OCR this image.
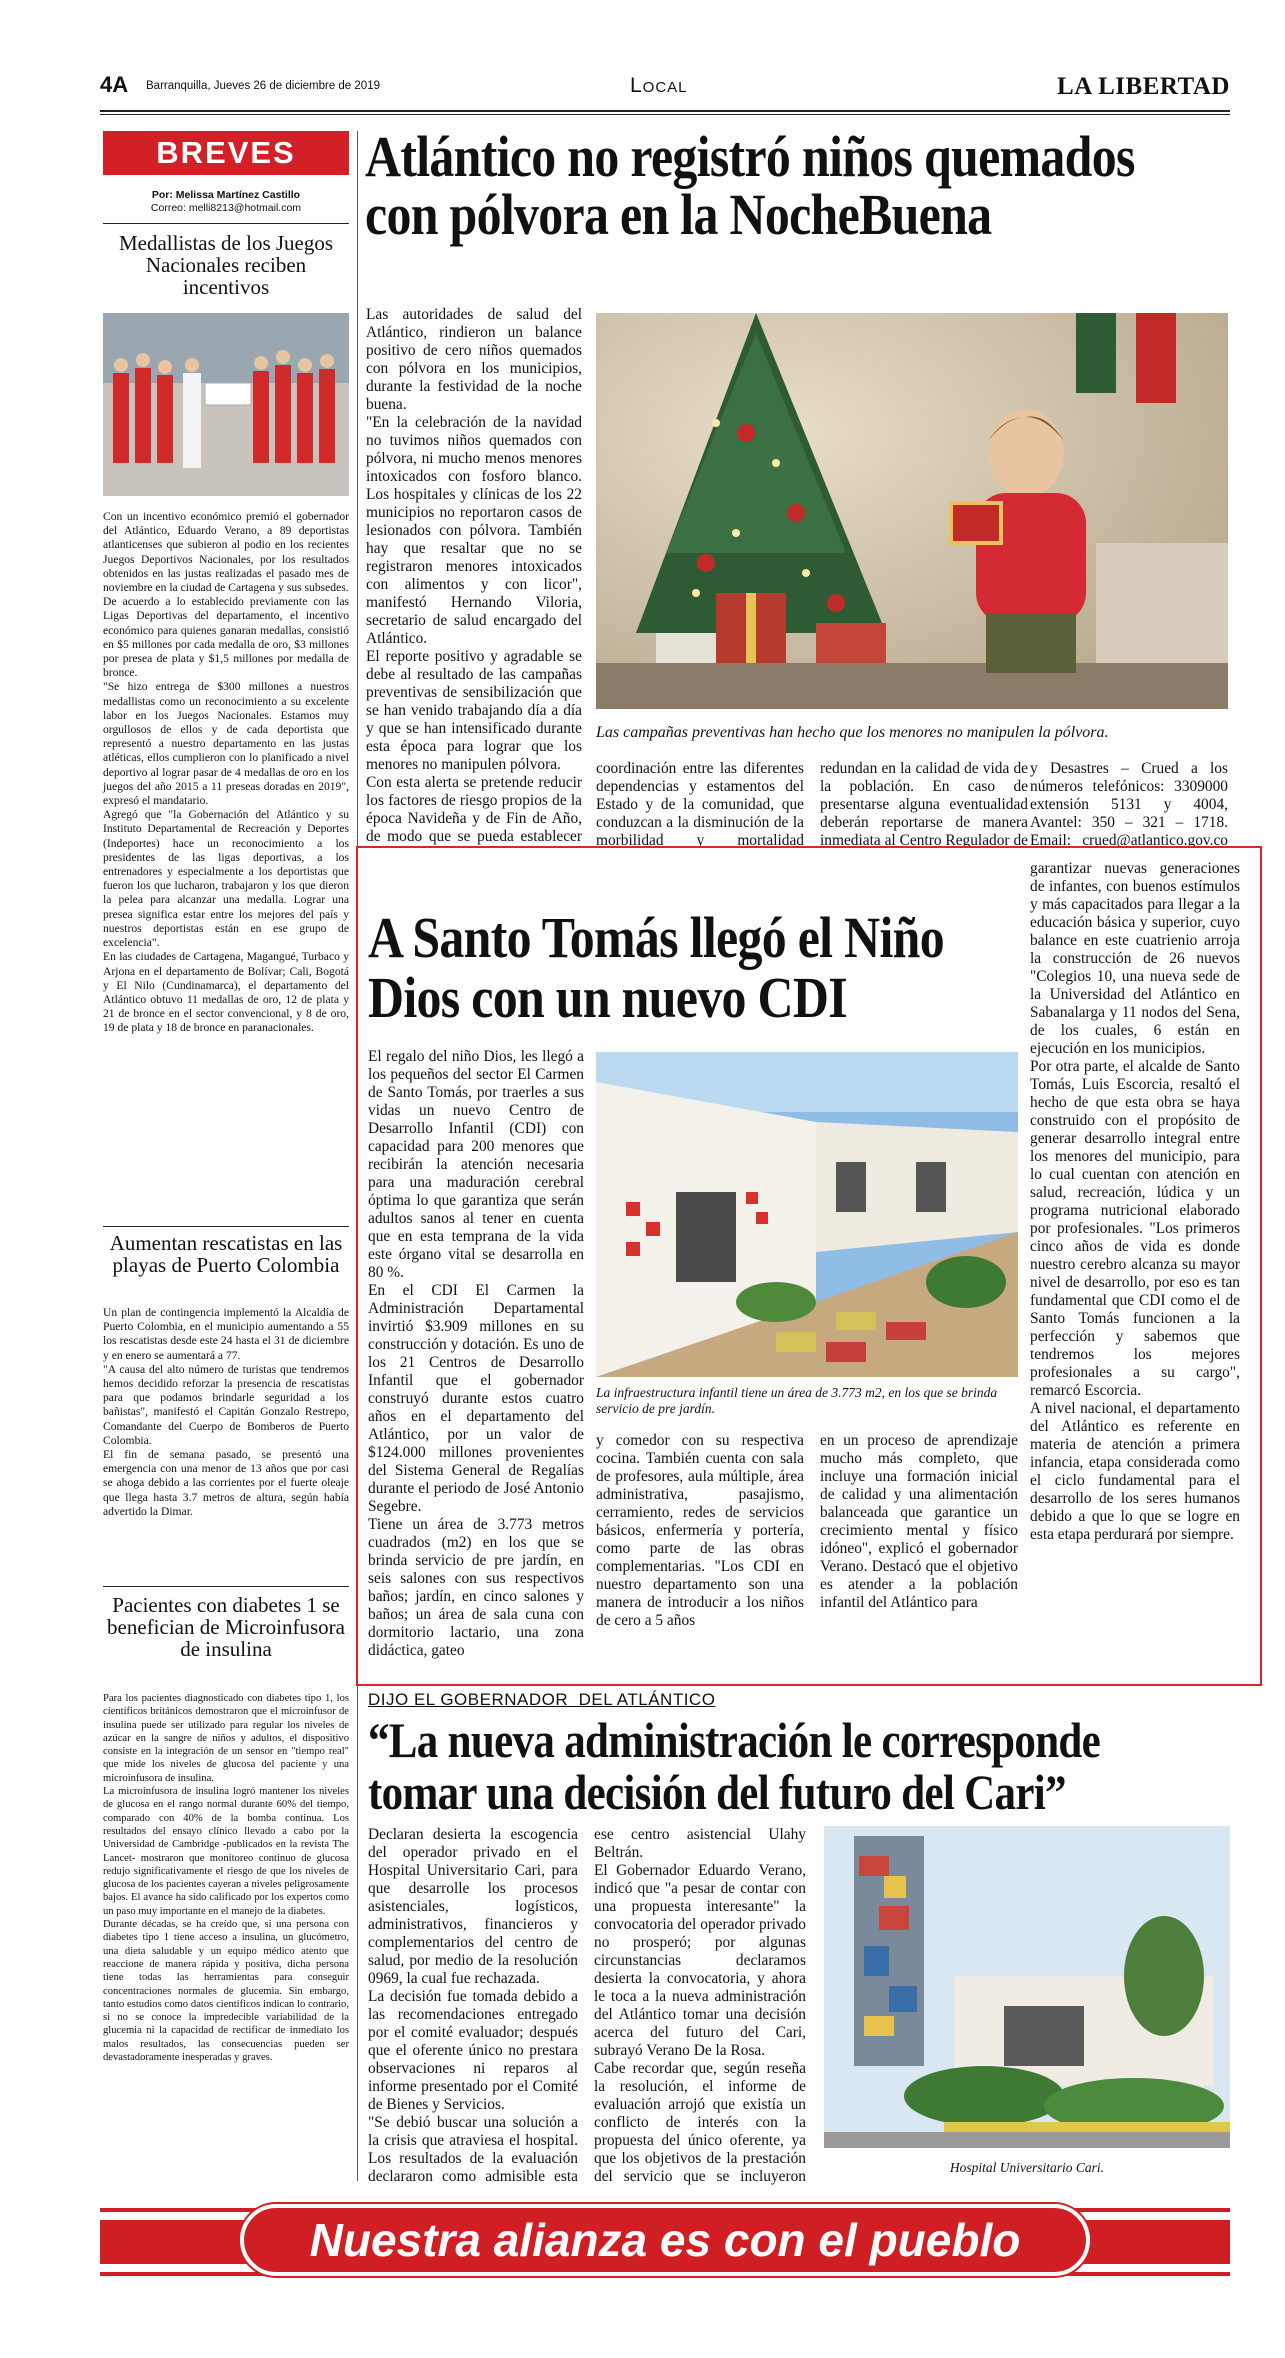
4A Barranquilla, Jueves 26 de diciembre de 2019	Local	LA LIBERTAD
BREVES
Por: Melissa Martínez Castillo
Correo: melli8213@hotmail.com
Medallistas de los Juegos Nacionales reciben incentivos

Con un incentivo económico premió el gobernador del Atlántico, Eduardo Verano, a 89 deportistas atlanticenses que subieron al podio en los recientes Juegos Deportivos Nacionales, por los resultados obtenidos en las justas realizadas el pasado mes de noviembre en la ciudad de Cartagena y sus subsedes.

De acuerdo a lo establecido previamente con las Ligas Deportivas del departamento, el incentivo económico para quienes ganaran medallas, consistió en $5 millones por cada medalla de oro, $3 millones por presea de plata y $1,5 millones por medalla de bronce.

"Se hizo entrega de $300 millones a nuestros medallistas como un reconocimiento a su excelente labor en los Juegos Nacionales. Estamos muy orgullosos de ellos y de cada deportista que representó a nuestro departamento en las justas atléticas, ellos cumplieron con lo planificado a nivel deportivo al lograr pasar de 4 medallas de oro en los juegos del año 2015 a 11 preseas doradas en 2019", expresó el mandatario.

Agregó que "la Gobernación del Atlántico y su Instituto Departamental de Recreación y Deportes (Indeportes) hace un reconocimiento a los presidentes de las ligas deportivas, a los entrenadores y especialmente a los deportistas que fueron los que lucharon, trabajaron y los que dieron la pelea para alcanzar una medalla. Lograr una presea significa estar entre los mejores del país y nuestros deportistas están en ese grupo de excelencia".

En las ciudades de Cartagena, Magangué, Turbaco y Arjona en el departamento de Bolívar; Cali, Bogotá y El Nilo (Cundinamarca), el departamento del Atlántico obtuvo 11 medallas de oro, 12 de plata y 21 de bronce en el sector convencional, y 8 de oro, 19 de plata y 18 de bronce en paranacionales.

Aumentan rescatistas en las playas de Puerto Colombia

Un plan de contingencia implementó la Alcaldía de Puerto Colombia, en el municipio aumentando a 55 los rescatistas desde este 24 hasta el 31 de diciembre y en enero se aumentará a 77.

"A causa del alto número de turistas que tendremos hemos decidido reforzar la presencia de rescatistas para que podamos brindarle seguridad a los bañistas", manifestó el Capitán Gonzalo Restrepo, Comandante del Cuerpo de Bomberos de Puerto Colombia.

El fin de semana pasado, se presentó una emergencia con una menor de 13 años que por casi se ahoga debido a las corrientes por el fuerte oleaje que llega hasta 3.7 metros de altura, según había advertido la Dimar.

Pacientes con diabetes 1 se benefician de Microinfusora de insulina

Para los pacientes diagnosticado con diabetes tipo 1, los científicos británicos demostraron que el microinfusor de insulina puede ser utilizado para regular los niveles de azúcar en la sangre de niños y adultos, el dispositivo consiste en la integración de un sensor en "tiempo real" que mide los niveles de glucosa del paciente y una microinfusora de insulina.

La microinfusora de insulina logró mantener los niveles de glucosa en el rango normal durante 60% del tiempo, comparado con 40% de la bomba continua. Los resultados del ensayo clínico llevado a cabo por la Universidad de Cambridge -publicados en la revista The Lancet- mostraron que monitoreo continuo de glucosa redujo significativamente el riesgo de que los niveles de glucosa de los pacientes cayeran a niveles peligrosamente bajos. El avance ha sido calificado por los expertos como un paso muy importante en el manejo de la diabetes.

Durante décadas, se ha creído que, si una persona con diabetes tipo 1 tiene acceso a insulina, un glucómetro, una dieta saludable y un equipo médico atento que reaccione de manera rápida y positiva, dicha persona tiene todas las herramientas para conseguir concentraciones normales de glucemia. Sin embargo, tanto estudios como datos científicos indican lo contrario, si no se conoce la impredecible variabilidad de la glucemia ni la capacidad de rectificar de inmediato los malos resultados, las consecuencias pueden ser devastadoramente inesperadas y graves.

Atlántico no registró niños quemados
con pólvora en la NocheBuena

Las autoridades de salud del Atlántico, rindieron un balance positivo de cero niños quemados con pólvora en los municipios, durante la festividad de la noche buena.

"En la celebración de la navidad no tuvimos niños quemados con pólvora, ni mucho menos menores intoxicados con fosforo blanco. Los hospitales y clínicas de los 22 municipios no reportaron casos de lesionados con pólvora. También hay que resaltar que no se registraron menores intoxicados con alimentos y con licor", manifestó Hernando Viloria, secretario de salud encargado del Atlántico.

El reporte positivo y agradable se debe al resultado de las campañas preventivas de sensibilización que se han venido trabajando día a día y que se han intensificado durante esta época para lograr que los menores no manipulen pólvora.

Con esta alerta se pretende reducir los factores de riesgo propios de la época Navideña y de Fin de Año, de modo que se pueda establecer

Las campañas preventivas han hecho que los menores no manipulen la pólvora.
coordinación entre las diferentes dependencias y estamentos del Estado y de la comunidad, que conduzcan a la disminución de la morbilidad y mortalidad
redundan en la calidad de vida de la población. En caso de presentarse alguna eventualidad deberán reportarse de manera inmediata al Centro Regulador de
y Desastres – Crued a los números telefónicos: 3309000 extensión 5131 y 4004, Avantel: 350 – 321 – 1718. Email: crued@atlantico.gov.co
A Santo Tomás llegó el Niño
Dios con un nuevo CDI

El regalo del niño Dios, les llegó a los pequeños del sector El Carmen de Santo Tomás, por traerles a sus vidas un nuevo Centro de Desarrollo Infantil (CDI) con capacidad para 200 menores que recibirán la atención necesaria para una maduración cerebral óptima lo que garantiza que serán adultos sanos al tener en cuenta que en esta temprana de la vida este órgano vital se desarrolla en 80 %.

En el CDI El Carmen la Administración Departamental invirtió $3.909 millones en su construcción y dotación. Es uno de los 21 Centros de Desarrollo Infantil que el gobernador construyó durante estos cuatro años en el departamento del Atlántico, por un valor de $124.000 millones provenientes del Sistema General de Regalías durante el periodo de José Antonio Segebre.

Tiene un área de 3.773 metros cuadrados (m2) en los que se brinda servicio de pre jardín, en seis salones con sus respectivos baños; jardín, en cinco salones y baños; un área de sala cuna con dormitorio lactario, una zona didáctica, gateo

La infraestructura infantil tiene un área de 3.773 m2, en los que se brinda servicio de pre jardín.
y comedor con su respectiva cocina. También cuenta con sala de profesores, aula múltiple, área administrativa, pasajismo, cerramiento, redes de servicios básicos, enfermería y portería, como parte de las obras complementarias. "Los CDI en nuestro departamento son una manera de introducir a los niños de cero a 5 años
en un proceso de aprendizaje mucho más completo, que incluye una formación inicial de calidad y una alimentación balanceada que garantice un crecimiento mental y físico idóneo", explicó el gobernador Verano. Destacó que el objetivo es atender a la población infantil del Atlántico para

garantizar nuevas generaciones de infantes, con buenos estímulos y más capacitados para llegar a la educación básica y superior, cuyo balance en este cuatrienio arroja la construcción de 26 nuevos "Colegios 10, una nueva sede de la Universidad del Atlántico en Sabanalarga y 11 nodos del Sena, de los cuales, 6 están en ejecución en los municipios.

Por otra parte, el alcalde de Santo Tomás, Luis Escorcia, resaltó el hecho de que esta obra se haya construido con el propósito de generar desarrollo integral entre los menores del municipio, para lo cual cuentan con atención en salud, recreación, lúdica y un programa nutricional elaborado por profesionales. "Los primeros cinco años de vida es donde nuestro cerebro alcanza su mayor nivel de desarrollo, por eso es tan fundamental que CDI como el de Santo Tomás funcionen a la perfección y sabemos que tendremos los mejores profesionales a su cargo", remarcó Escorcia.

A nivel nacional, el departamento del Atlántico es referente en materia de atención a primera infancia, etapa considerada como el ciclo fundamental para el desarrollo de los seres humanos debido a que lo que se logre en esta etapa perdurará por siempre.

DIJO EL GOBERNADOR  DEL ATLÁNTICO
“La nueva administración le corresponde
tomar una decisión del futuro del Cari”

Declaran desierta la escogencia del operador privado en el Hospital Universitario Cari, para que desarrolle los procesos asistenciales, logísticos, administrativos, financieros y complementarios del centro de salud, por medio de la resolución 0969, la cual fue rechazada.

La decisión fue tomada debido a las recomendaciones entregado por el comité evaluador; después que el oferente único no prestara observaciones ni reparos al informe presentado por el Comité de Bienes y Servicios.

"Se debió buscar una solución a la crisis que atraviesa el hospital. Los resultados de la evaluación declararon como admisible esta

ese centro asistencial Ulahy Beltrán.

El Gobernador Eduardo Verano, indicó que "a pesar de contar con una propuesta interesante" la convocatoria del operador privado no prosperó; por algunas circunstancias declaramos desierta la convocatoria, y ahora le toca a la nueva administración del Atlántico tomar una decisión acerca del futuro del Cari, subrayó Verano De la Rosa.

Cabe recordar que, según reseña la resolución, el informe de evaluación arrojó que existía un conflicto de interés con la propuesta del único oferente, ya que los objetivos de la prestación del servicio que se incluyeron

Hospital Universitario Cari.
Nuestra alianza es con el pueblo
